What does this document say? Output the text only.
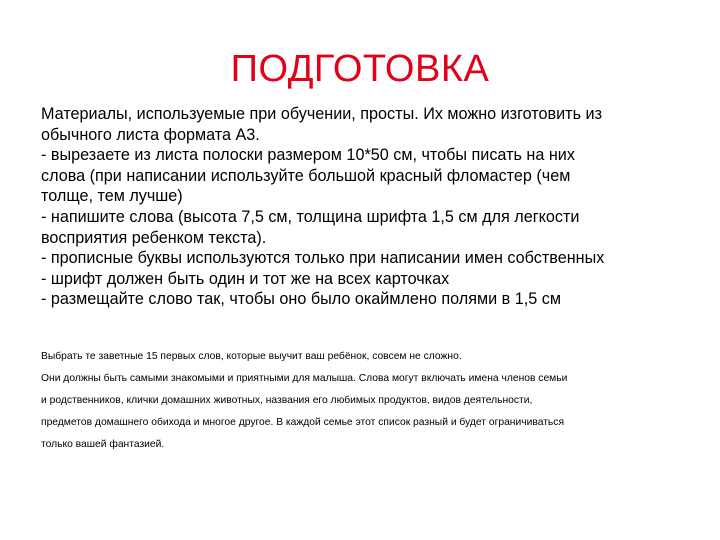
ПОДГОТОВКА
Материалы, используемые при обучении, просты. Их можно изготовить из
обычного листа формата А3.
- вырезаете из листа полоски размером 10*50 см, чтобы писать на них
слова (при написании используйте большой красный фломастер (чем
толще, тем лучше)
- напишите слова (высота 7,5 см, толщина шрифта 1,5 см для легкости
восприятия ребенком текста).
- прописные буквы используются только при написании имен собственных
- шрифт должен быть один и тот же на всех карточках
- размещайте слово так, чтобы оно было окаймлено полями в 1,5 см
Выбрать те заветные 15 первых слов, которые выучит ваш ребёнок, совсем не сложно.
Они должны быть самыми знакомыми и приятными для малыша. Слова могут включать имена членов семьи
и родственников, клички домашних животных, названия его любимых продуктов, видов деятельности,
предметов домашнего обихода и многое другое. В каждой семье этот список разный и будет ограничиваться
только вашей фантазией.
